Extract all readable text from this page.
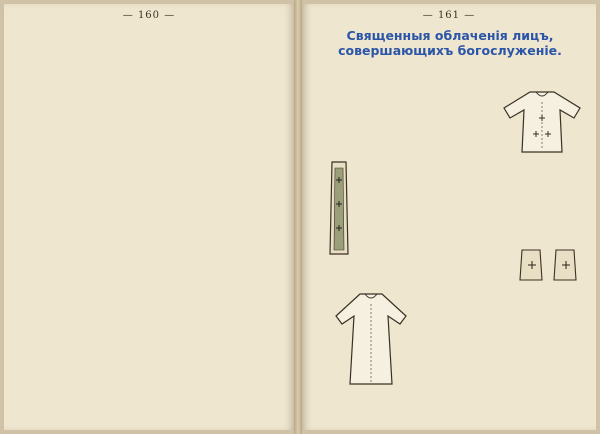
— 160 —	— 161 —
Священныя облаченія лицъ, совершающихъ богослуженіе.
